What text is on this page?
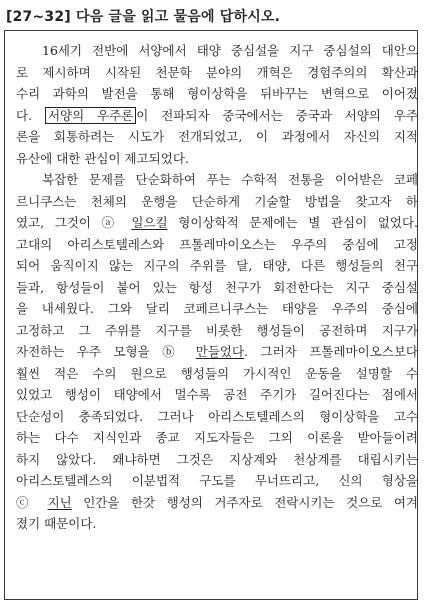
[27~32] 다음 글을 읽고 물음에 답하시오.
16세기 전반에 서양에서 태양 중심설을 지구 중심설의 대안으
로 제시하며 시작된 천문학 분야의 개혁은 경험주의의 확산과
수리 과학의 발전을 통해 형이상학을 뒤바꾸는 변혁으로 이어졌
다. 서양의 우주론 이 전파되자 중국에서는 중국과 서양의 우주
론을 회통하려는 시도가 전개되었고, 이 과정에서 자신의 지적
유산에 대한 관심이 제고되었다.
복잡한 문제를 단순화하여 푸는 수학적 전통을 이어받은 코페
르니쿠스는 천체의 운행을 단순하게 기술할 방법을 찾고자 하
였고, 그것이 ⓐ 일으킬 형이상학적 문제에는 별 관심이 없었다.
고대의 아리스토텔레스와 프톨레마이오스는 우주의 중심에 고정
되어 움직이지 않는 지구의 주위를 달, 태양, 다른 행성들의 천구
들과, 항성들이 붙어 있는 항성 천구가 회전한다는 지구 중심설
을 내세웠다. 그와 달리 코페르니쿠스는 태양을 우주의 중심에
고정하고 그 주위를 지구를 비롯한 행성들이 공전하며 지구가
자전하는 우주 모형을 ⓑ 만들었다. 그러자 프톨레마이오스보다
훨씬 적은 수의 원으로 행성들의 가시적인 운동을 설명할 수
있었고 행성이 태양에서 멀수록 공전 주기가 길어진다는 점에서
단순성이 충족되었다. 그러나 아리스토텔레스의 형이상학을 고수
하는 다수 지식인과 종교 지도자들은 그의 이론을 받아들이려
하지 않았다. 왜냐하면 그것은 지상계와 천상계를 대립시키는
아리스토텔레스의 이분법적 구도를 무너뜨리고, 신의 형상을
ⓒ 지닌 인간을 한갓 행성의 거주자로 전락시키는 것으로 여겨
졌기 때문이다.
